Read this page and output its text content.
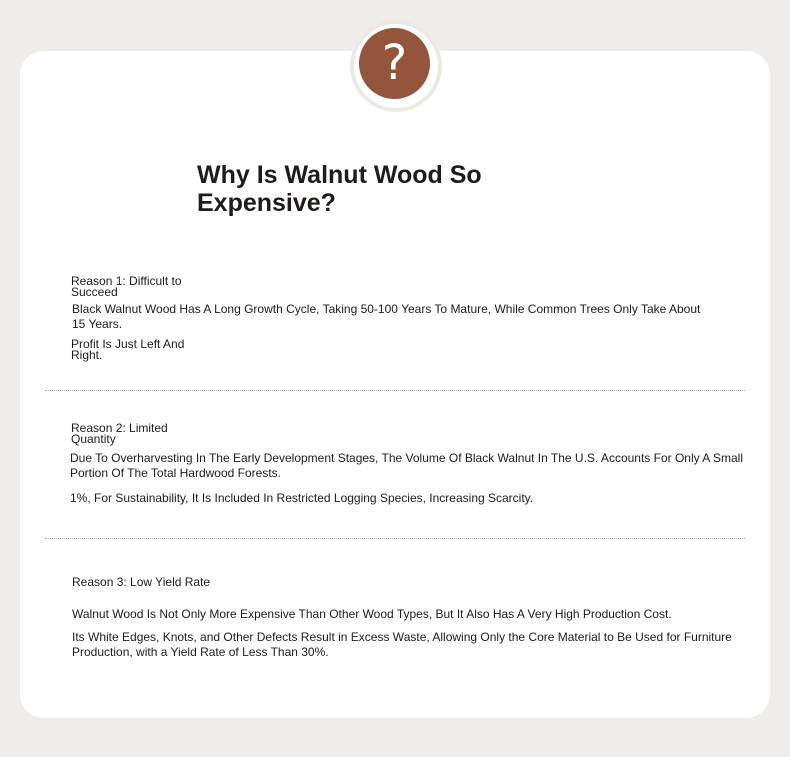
?
Why Is Walnut Wood So Expensive?
Reason 1: Difficult to Succeed

Black Walnut Wood Has A Long Growth Cycle, Taking 50-100 Years To Mature, While Common Trees Only Take About 15 Years.

Profit Is Just Left And Right.

Reason 2: Limited Quantity

Due To Overharvesting In The Early Development Stages, The Volume Of Black Walnut In The U.S. Accounts For Only A Small Portion Of The Total Hardwood Forests.

1%, For Sustainability, It Is Included In Restricted Logging Species, Increasing Scarcity.

Reason 3: Low Yield Rate

Walnut Wood Is Not Only More Expensive Than Other Wood Types, But It Also Has A Very High Production Cost.

Its White Edges, Knots, and Other Defects Result in Excess Waste, Allowing Only the Core Material to Be Used for Furniture Production, with a Yield Rate of Less Than 30%.
